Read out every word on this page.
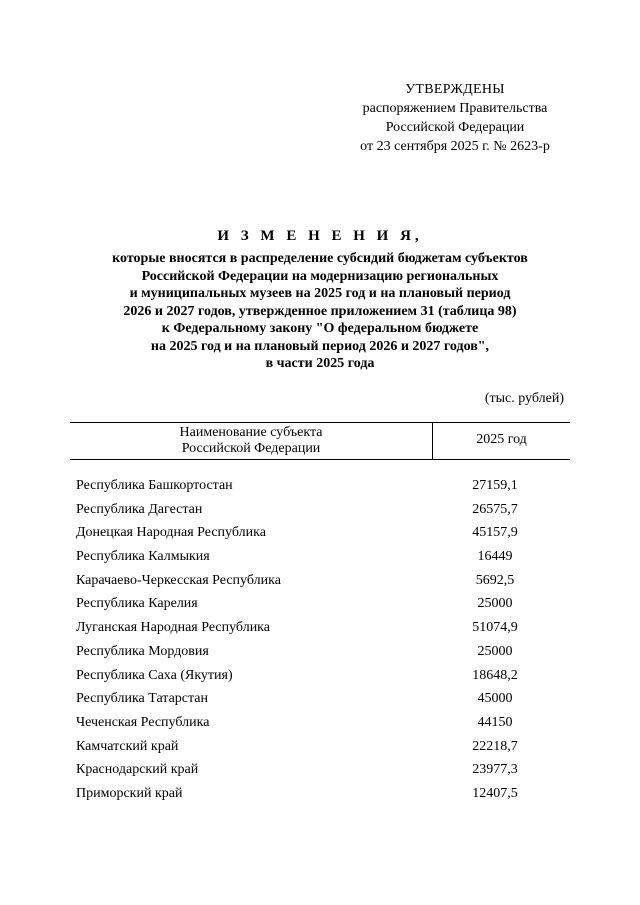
УТВЕРЖДЕНЫ
распоряжением Правительства
Российской Федерации
от 23 сентября 2025 г. № 2623-р
И З М Е Н Е Н И Я,
которые вносятся в распределение субсидий бюджетам субъектов
Российской Федерации на модернизацию региональных
и муниципальных музеев на 2025 год и на плановый период
2026 и 2027 годов, утвержденное приложением 31 (таблица 98)
к Федеральному закону "О федеральном бюджете
на 2025 год и на плановый период 2026 и 2027 годов",
в части 2025 года
(тыс. рублей)
Наименование субъекта
Российской Федерации
2025 год
Республика Башкортостан	27159,1
Республика Дагестан	26575,7
Донецкая Народная Республика	45157,9
Республика Калмыкия	16449
Карачаево-Черкесская Республика	5692,5
Республика Карелия	25000
Луганская Народная Республика	51074,9
Республика Мордовия	25000
Республика Саха (Якутия)	18648,2
Республика Татарстан	45000
Чеченская Республика	44150
Камчатский край	22218,7
Краснодарский край	23977,3
Приморский край	12407,5
